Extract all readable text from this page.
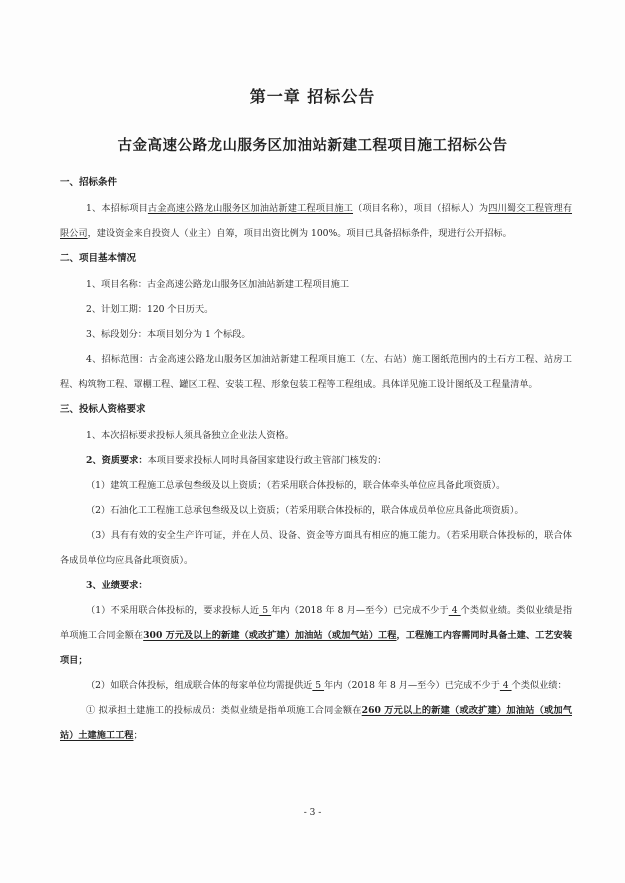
第一章 招标公告
古金高速公路龙山服务区加油站新建工程项目施工招标公告
一、招标条件
1、本招标项目古金高速公路龙山服务区加油站新建工程项目施工（项目名称），项目（招标人）为四川蜀交工程管理有限公司，建设资金来自投资人（业主）自筹，项目出资比例为 100%。项目已具备招标条件，现进行公开招标。
二、项目基本情况
1、项目名称：古金高速公路龙山服务区加油站新建工程项目施工
2、计划工期：120 个日历天。
3、标段划分：本项目划分为 1 个标段。
4、招标范围：古金高速公路龙山服务区加油站新建工程项目施工（左、右站）施工图纸范围内的土石方工程、站房工程、构筑物工程、罩棚工程、罐区工程、安装工程、形象包装工程等工程组成。具体详见施工设计图纸及工程量清单。
三、投标人资格要求
1、本次招标要求投标人须具备独立企业法人资格。
2、资质要求：本项目要求投标人同时具备国家建设行政主管部门核发的：
（1）建筑工程施工总承包叁级及以上资质；（若采用联合体投标的，联合体牵头单位应具备此项资质）。
（2）石油化工工程施工总承包叁级及以上资质；（若采用联合体投标的，联合体成员单位应具备此项资质）。
（3）具有有效的安全生产许可证，并在人员、设备、资金等方面具有相应的施工能力。（若采用联合体投标的，联合体各成员单位均应具备此项资质）。
3、业绩要求：
（1）不采用联合体投标的，要求投标人近 5 年内（2018 年 8 月—至今）已完成不少于 4 个类似业绩。类似业绩是指单项施工合同金额在300 万元及以上的新建（或改扩建）加油站（或加气站）工程，工程施工内容需同时具备土建、工艺安装项目；
（2）如联合体投标，组成联合体的每家单位均需提供近 5 年内（2018 年 8 月—至今）已完成不少于 4 个类似业绩：
① 拟承担土建施工的投标成员：类似业绩是指单项施工合同金额在260 万元以上的新建（或改扩建）加油站（或加气站）土建施工工程；
- 3 -
